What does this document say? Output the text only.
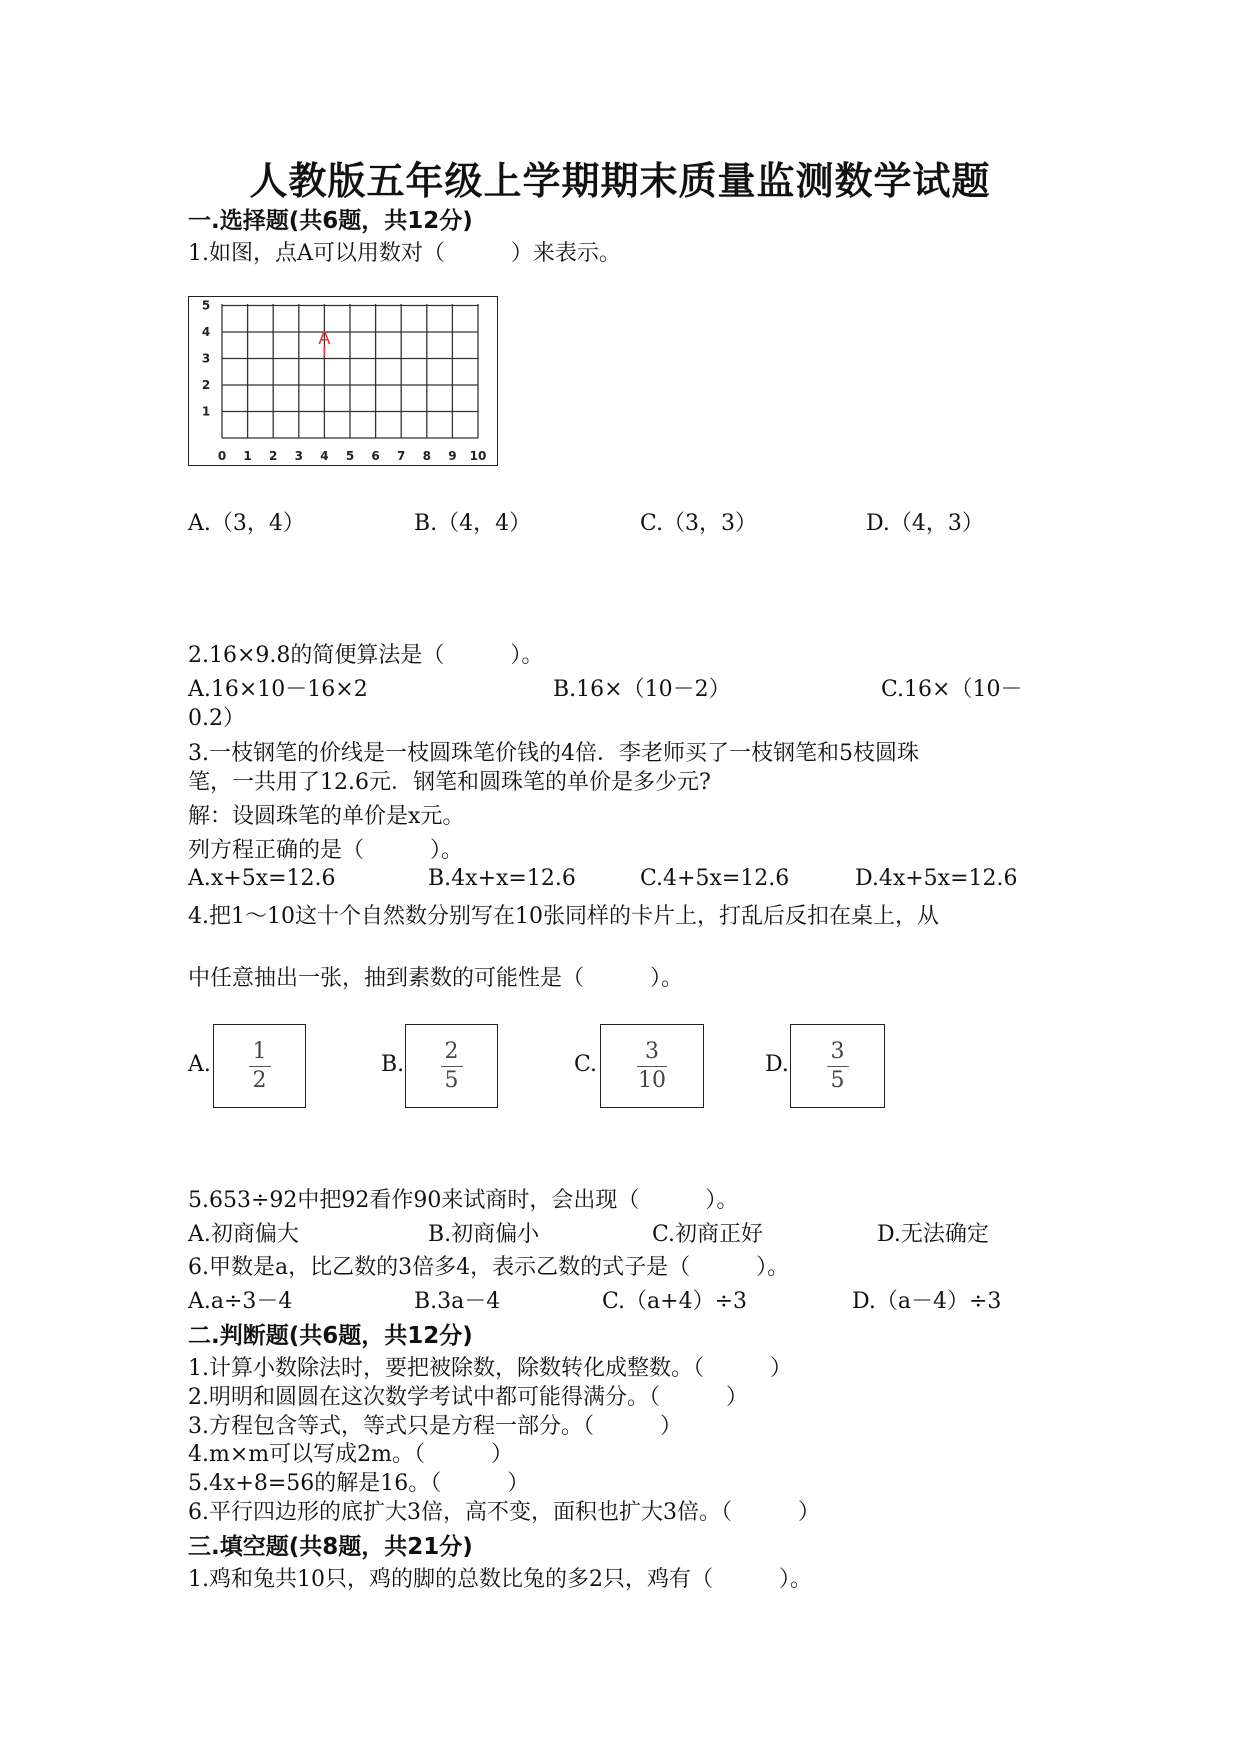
人教版五年级上学期期末质量监测数学试题
一.选择题(共6题，共12分)
1.如图，点A可以用数对（　　　）来表示。
0 1 2 3 4 5 6 7 8 9 10
1
2
3
4
5
A
A.（3，4）	B.（4，4）	C.（3，3）	D.（4，3）
2.16×9.8的简便算法是（　　　）。
A.16×10－16×2	B.16×（10－2）	C.16×（10－
0.2）
3.一枝钢笔的价线是一枝圆珠笔价钱的4倍．李老师买了一枝钢笔和5枝圆珠
笔，一共用了12.6元．钢笔和圆珠笔的单价是多少元?
解：设圆珠笔的单价是x元。
列方程正确的是（　　　）。
A.x+5x=12.6	B.4x+x=12.6	C.4+5x=12.6	D.4x+5x=12.6
4.把1～10这十个自然数分别写在10张同样的卡片上，打乱后反扣在桌上，从
中任意抽出一张，抽到素数的可能性是（　　　）。
A. $\frac{1}{2}$	B. $\frac{2}{5}$	C. $\frac{3}{10}$	D. $\frac{3}{5}$
5.653÷92中把92看作90来试商时，会出现（　　　）。
A.初商偏大	B.初商偏小	C.初商正好	D.无法确定
6.甲数是a，比乙数的3倍多4，表示乙数的式子是（　　　）。
A.a÷3－4	B.3a－4	C.（a+4）÷3	D.（a－4）÷3
二.判断题(共6题，共12分)
1.计算小数除法时，要把被除数，除数转化成整数。（　　　）
2.明明和圆圆在这次数学考试中都可能得满分。（　　　）
3.方程包含等式，等式只是方程一部分。（　　　）
4.m×m可以写成2m。（　　　）
5.4x+8=56的解是16。（　　　）
6.平行四边形的底扩大3倍，高不变，面积也扩大3倍。（　　　）
三.填空题(共8题，共21分)
1.鸡和兔共10只，鸡的脚的总数比兔的多2只，鸡有（　　　）。
